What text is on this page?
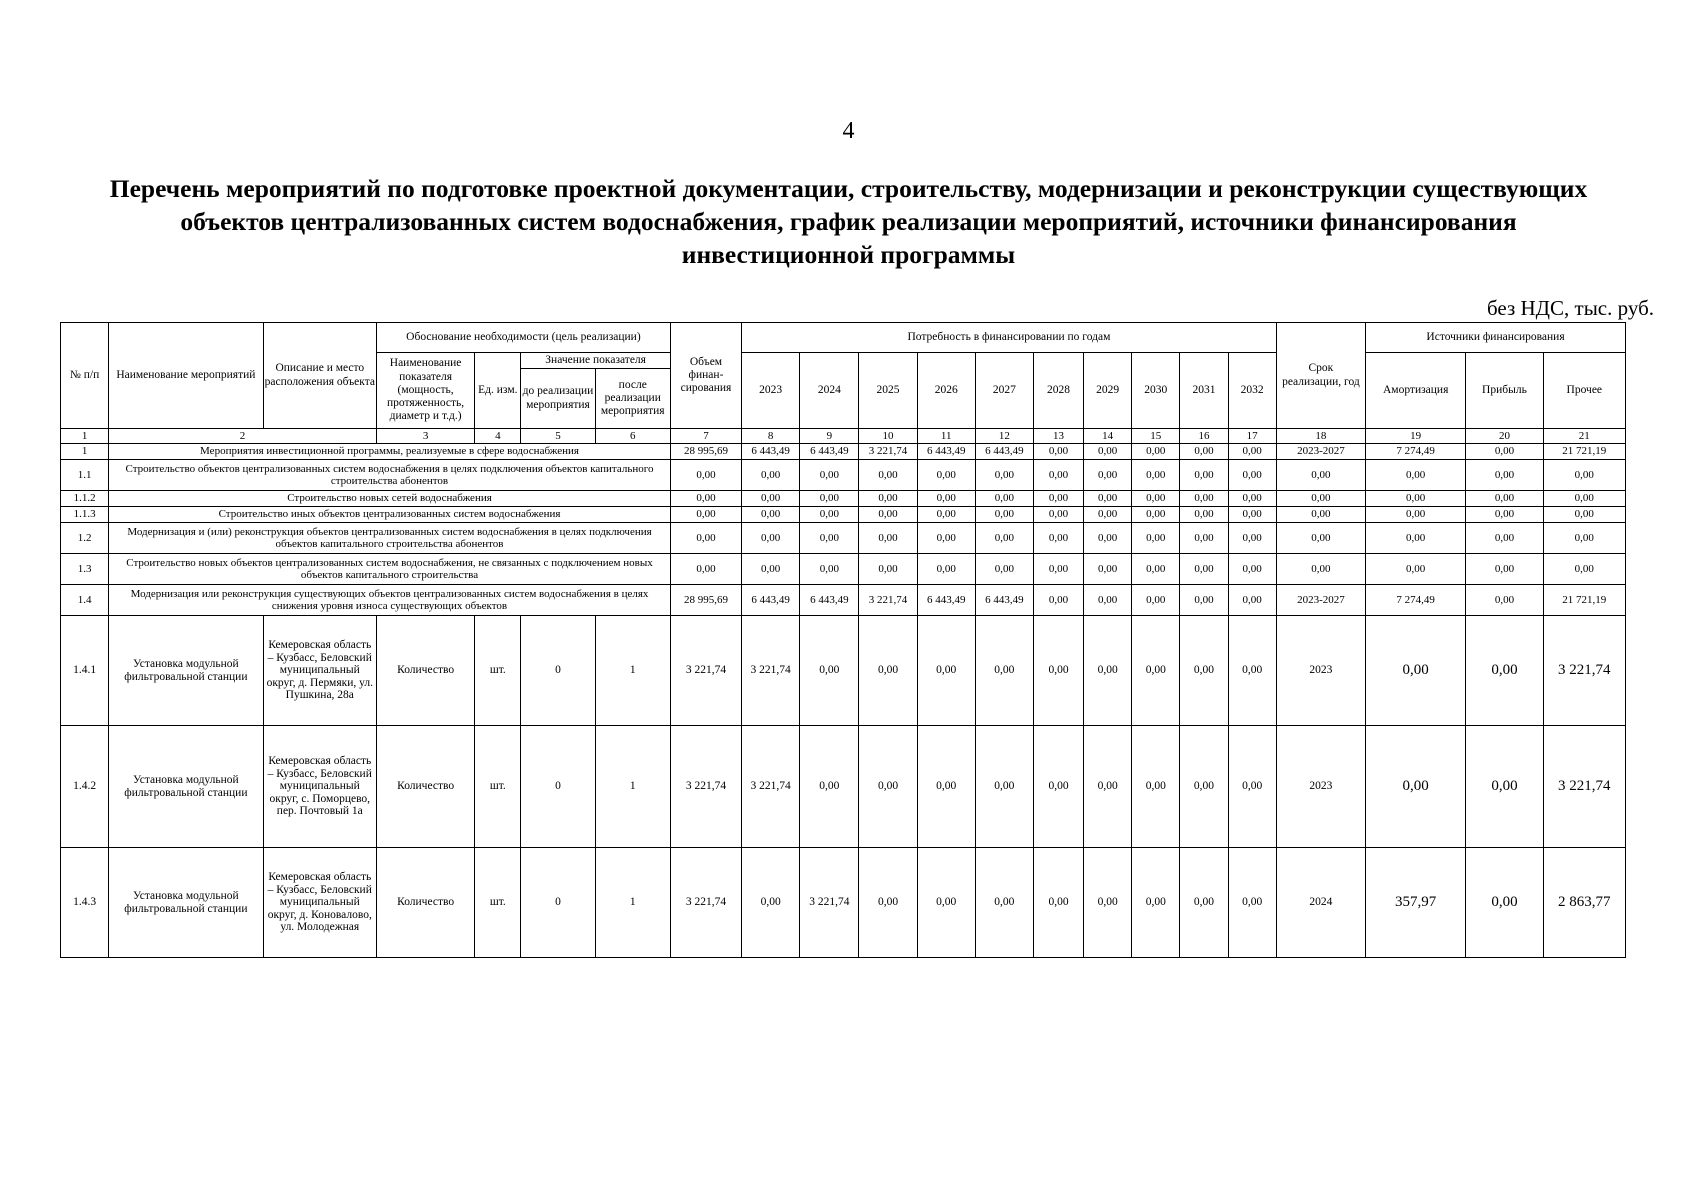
4
Перечень мероприятий по подготовке проектной документации, строительству, модернизации и реконструкции существующих объектов централизованных систем водоснабжения, график реализации мероприятий, источники финансирования инвестиционной программы
без НДС, тыс. руб.
№ п/п	Наименование мероприятий	Описание и место расположения объекта	Обоснование необходимости (цель реализации)				Объем финан-сирования	Потребность в финансировании по годам										Срок реализации, год	Источники финансирования		
			Наименование показателя (мощность, протяженность, диаметр и т.д.)	Ед. изм.	Значение показателя			2023	2024	2025	2026	2027	2028	2029	2030	2031	2032		Амортизация	Прибыль	Прочее
					до реализации мероприятия	после реализации мероприятия															
1	2		3	4	5	6	7	8	9	10	11	12	13	14	15	16	17	18	19	20	21
1	Мероприятия инвестиционной программы, реализуемые в сфере водоснабжения						28 995,69	6 443,49	6 443,49	3 221,74	6 443,49	6 443,49	0,00	0,00	0,00	0,00	0,00	2023-2027	7 274,49	0,00	21 721,19
1.1	Строительство объектов централизованных систем водоснабжения в целях подключения объектов капитального строительства абонентов						0,00	0,00	0,00	0,00	0,00	0,00	0,00	0,00	0,00	0,00	0,00	0,00	0,00	0,00	0,00
1.1.2	Строительство новых сетей водоснабжения						0,00	0,00	0,00	0,00	0,00	0,00	0,00	0,00	0,00	0,00	0,00	0,00	0,00	0,00	0,00
1.1.3	Строительство иных объектов централизованных систем водоснабжения						0,00	0,00	0,00	0,00	0,00	0,00	0,00	0,00	0,00	0,00	0,00	0,00	0,00	0,00	0,00
1.2	Модернизация и (или) реконструкция объектов централизованных систем водоснабжения в целях подключения объектов капитального строительства абонентов						0,00	0,00	0,00	0,00	0,00	0,00	0,00	0,00	0,00	0,00	0,00	0,00	0,00	0,00	0,00
1.3	Строительство новых объектов централизованных систем водоснабжения, не связанных с подключением новых объектов капитального строительства						0,00	0,00	0,00	0,00	0,00	0,00	0,00	0,00	0,00	0,00	0,00	0,00	0,00	0,00	0,00
1.4	Модернизация или реконструкция существующих объектов централизованных систем водоснабжения в целях снижения уровня износа существующих объектов						28 995,69	6 443,49	6 443,49	3 221,74	6 443,49	6 443,49	0,00	0,00	0,00	0,00	0,00	2023-2027	7 274,49	0,00	21 721,19
1.4.1	Установка модульной фильтровальной станции	Кемеровская область – Кузбасс, Беловский муниципальный округ, д. Пермяки, ул. Пушкина, 28а	Количество	шт.	0	1	3 221,74	3 221,74	0,00	0,00	0,00	0,00	0,00	0,00	0,00	0,00	0,00	2023	0,00	0,00	3 221,74
1.4.2	Установка модульной фильтровальной станции	Кемеровская область – Кузбасс, Беловский муниципальный округ, с. Поморцево, пер. Почтовый 1а	Количество	шт.	0	1	3 221,74	3 221,74	0,00	0,00	0,00	0,00	0,00	0,00	0,00	0,00	0,00	2023	0,00	0,00	3 221,74
1.4.3	Установка модульной фильтровальной станции	Кемеровская область – Кузбасс, Беловский муниципальный округ, д. Коновалово, ул. Молодежная	Количество	шт.	0	1	3 221,74	0,00	3 221,74	0,00	0,00	0,00	0,00	0,00	0,00	0,00	0,00	2024	357,97	0,00	2 863,77
